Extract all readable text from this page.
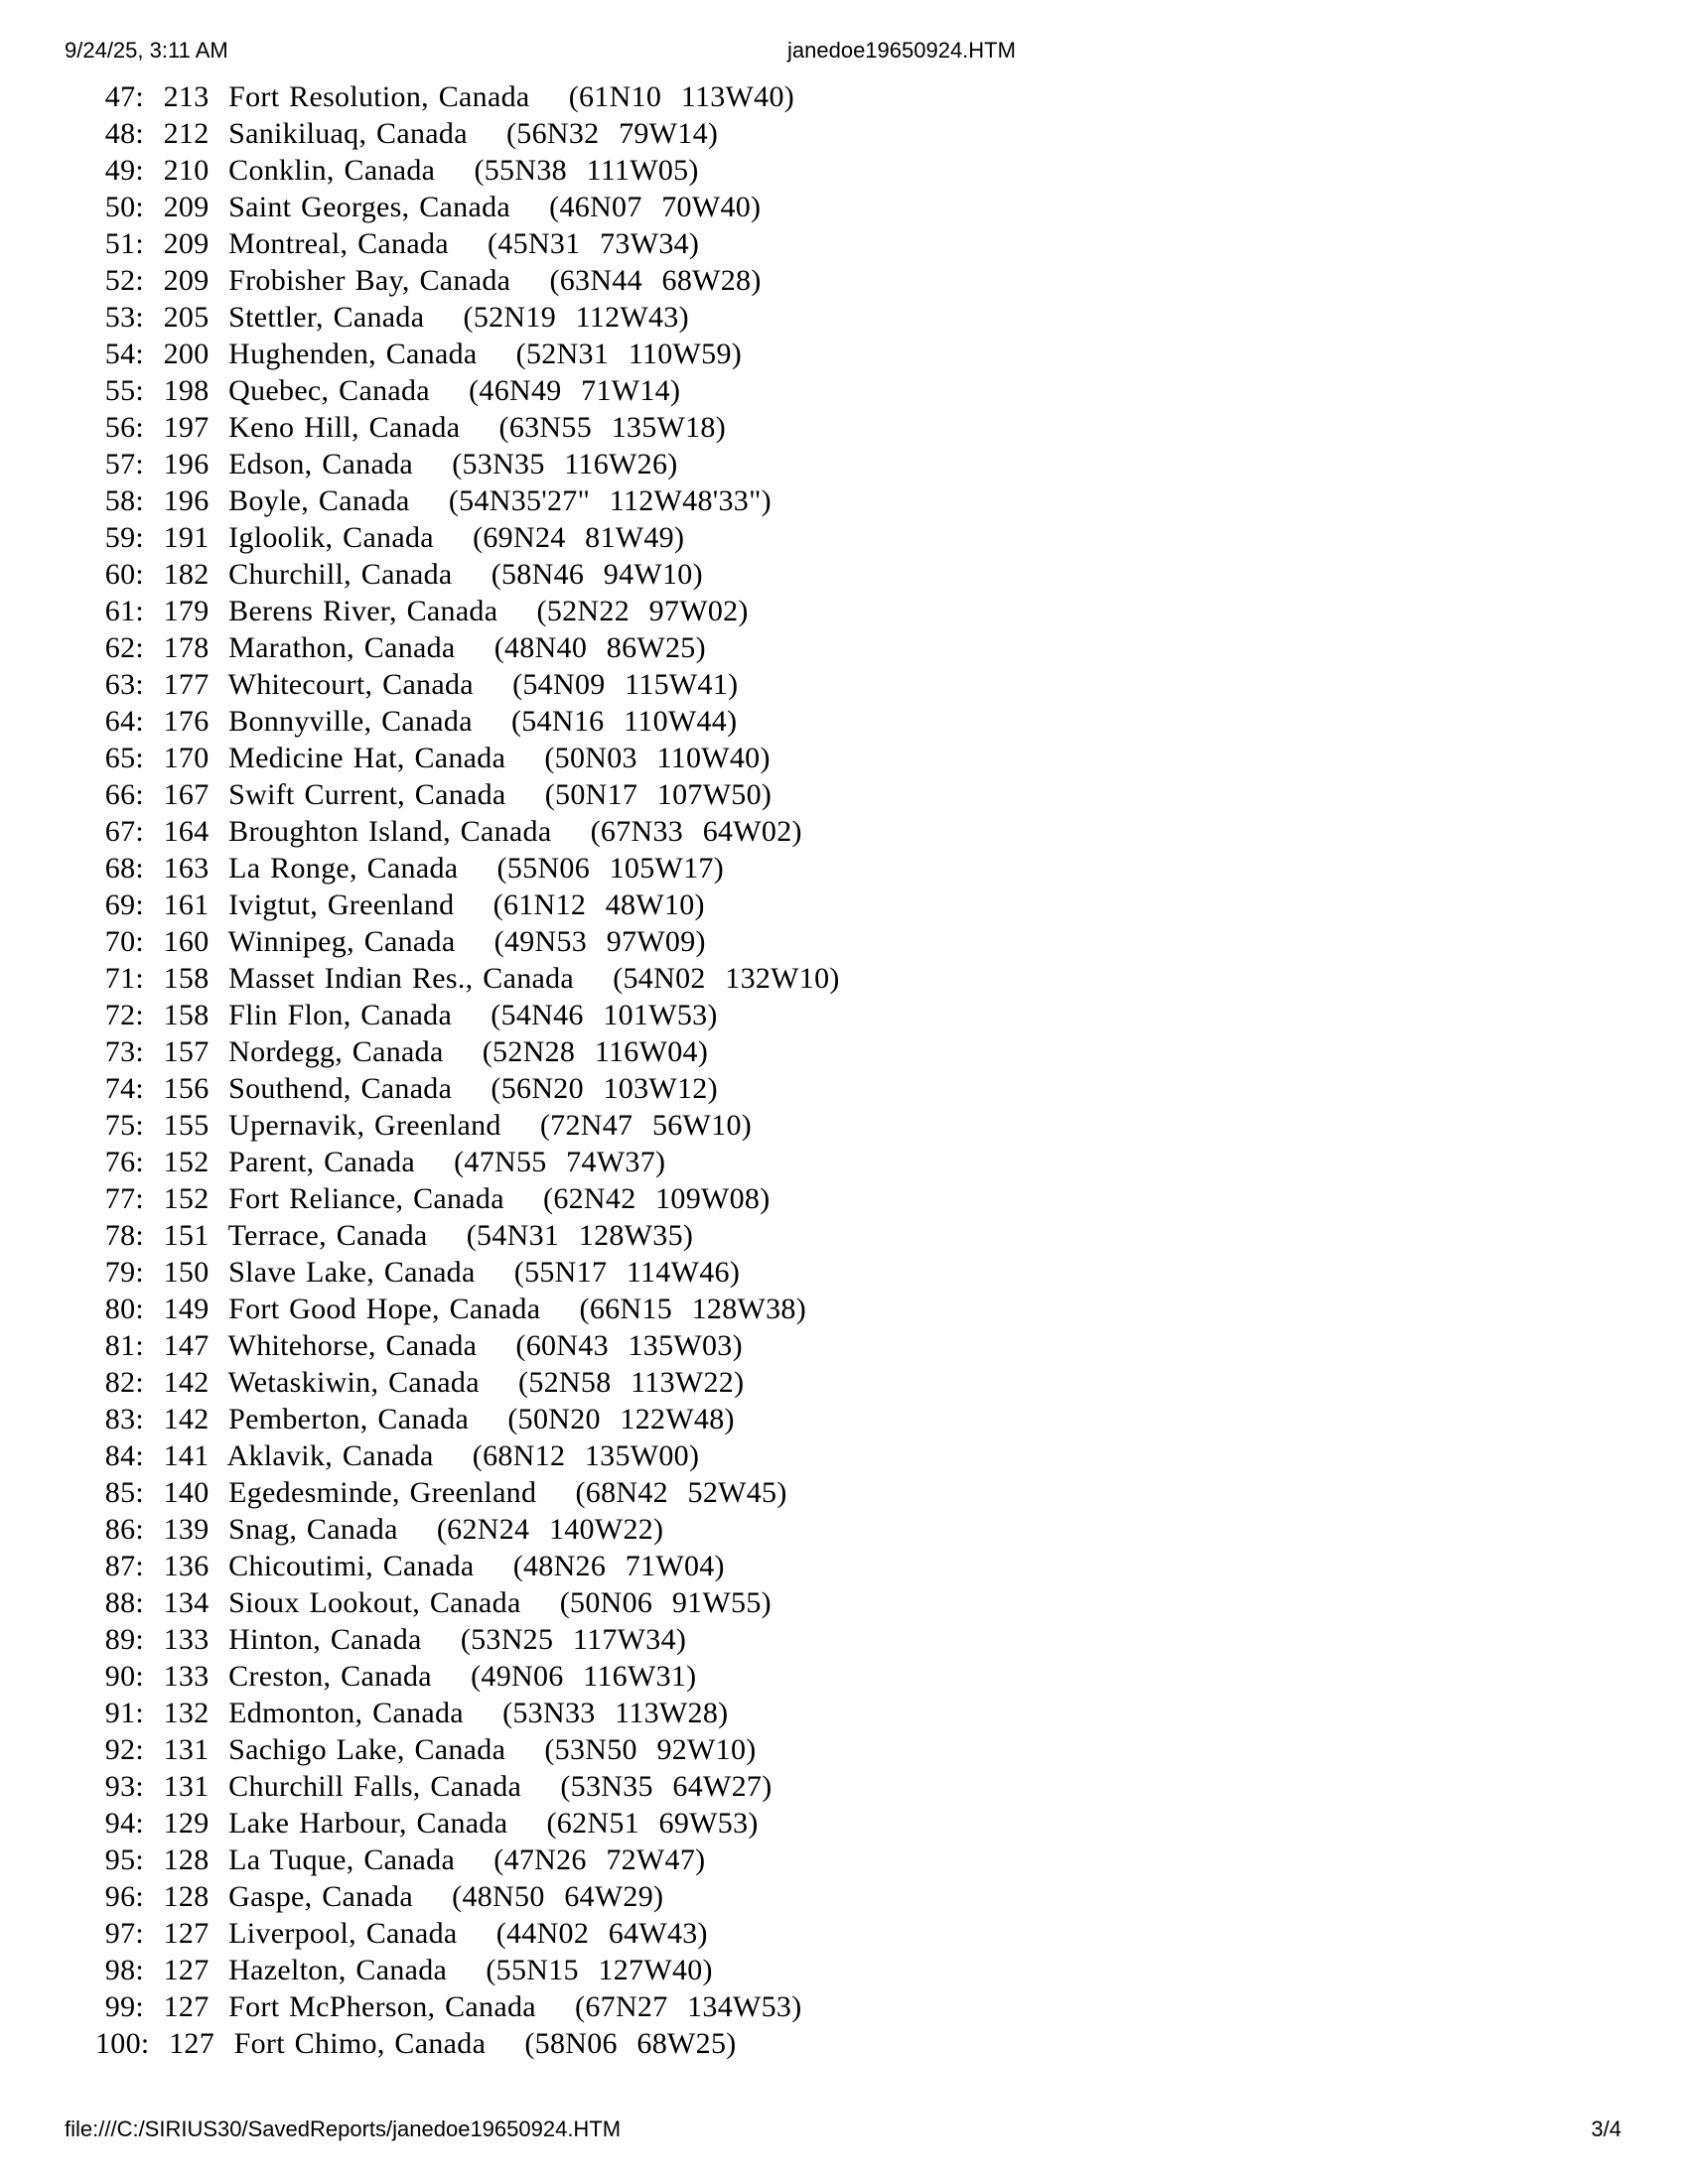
9/24/25, 3:11 AM	janedoe19650924.HTM
47:  213  Fort Resolution, Canada    (61N10  113W40)
48:  212  Sanikiluaq, Canada    (56N32  79W14)
49:  210  Conklin, Canada    (55N38  111W05)
50:  209  Saint Georges, Canada    (46N07  70W40)
51:  209  Montreal, Canada    (45N31  73W34)
52:  209  Frobisher Bay, Canada    (63N44  68W28)
53:  205  Stettler, Canada    (52N19  112W43)
54:  200  Hughenden, Canada    (52N31  110W59)
55:  198  Quebec, Canada    (46N49  71W14)
56:  197  Keno Hill, Canada    (63N55  135W18)
57:  196  Edson, Canada    (53N35  116W26)
58:  196  Boyle, Canada    (54N35'27"  112W48'33")
59:  191  Igloolik, Canada    (69N24  81W49)
60:  182  Churchill, Canada    (58N46  94W10)
61:  179  Berens River, Canada    (52N22  97W02)
62:  178  Marathon, Canada    (48N40  86W25)
63:  177  Whitecourt, Canada    (54N09  115W41)
64:  176  Bonnyville, Canada    (54N16  110W44)
65:  170  Medicine Hat, Canada    (50N03  110W40)
66:  167  Swift Current, Canada    (50N17  107W50)
67:  164  Broughton Island, Canada    (67N33  64W02)
68:  163  La Ronge, Canada    (55N06  105W17)
69:  161  Ivigtut, Greenland    (61N12  48W10)
70:  160  Winnipeg, Canada    (49N53  97W09)
71:  158  Masset Indian Res., Canada    (54N02  132W10)
72:  158  Flin Flon, Canada    (54N46  101W53)
73:  157  Nordegg, Canada    (52N28  116W04)
74:  156  Southend, Canada    (56N20  103W12)
75:  155  Upernavik, Greenland    (72N47  56W10)
76:  152  Parent, Canada    (47N55  74W37)
77:  152  Fort Reliance, Canada    (62N42  109W08)
78:  151  Terrace, Canada    (54N31  128W35)
79:  150  Slave Lake, Canada    (55N17  114W46)
80:  149  Fort Good Hope, Canada    (66N15  128W38)
81:  147  Whitehorse, Canada    (60N43  135W03)
82:  142  Wetaskiwin, Canada    (52N58  113W22)
83:  142  Pemberton, Canada    (50N20  122W48)
84:  141  Aklavik, Canada    (68N12  135W00)
85:  140  Egedesminde, Greenland    (68N42  52W45)
86:  139  Snag, Canada    (62N24  140W22)
87:  136  Chicoutimi, Canada    (48N26  71W04)
88:  134  Sioux Lookout, Canada    (50N06  91W55)
89:  133  Hinton, Canada    (53N25  117W34)
90:  133  Creston, Canada    (49N06  116W31)
91:  132  Edmonton, Canada    (53N33  113W28)
92:  131  Sachigo Lake, Canada    (53N50  92W10)
93:  131  Churchill Falls, Canada    (53N35  64W27)
94:  129  Lake Harbour, Canada    (62N51  69W53)
95:  128  La Tuque, Canada    (47N26  72W47)
96:  128  Gaspe, Canada    (48N50  64W29)
97:  127  Liverpool, Canada    (44N02  64W43)
98:  127  Hazelton, Canada    (55N15  127W40)
99:  127  Fort McPherson, Canada    (67N27  134W53)
100:  127  Fort Chimo, Canada    (58N06  68W25)
file:///C:/SIRIUS30/SavedReports/janedoe19650924.HTM	3/4
